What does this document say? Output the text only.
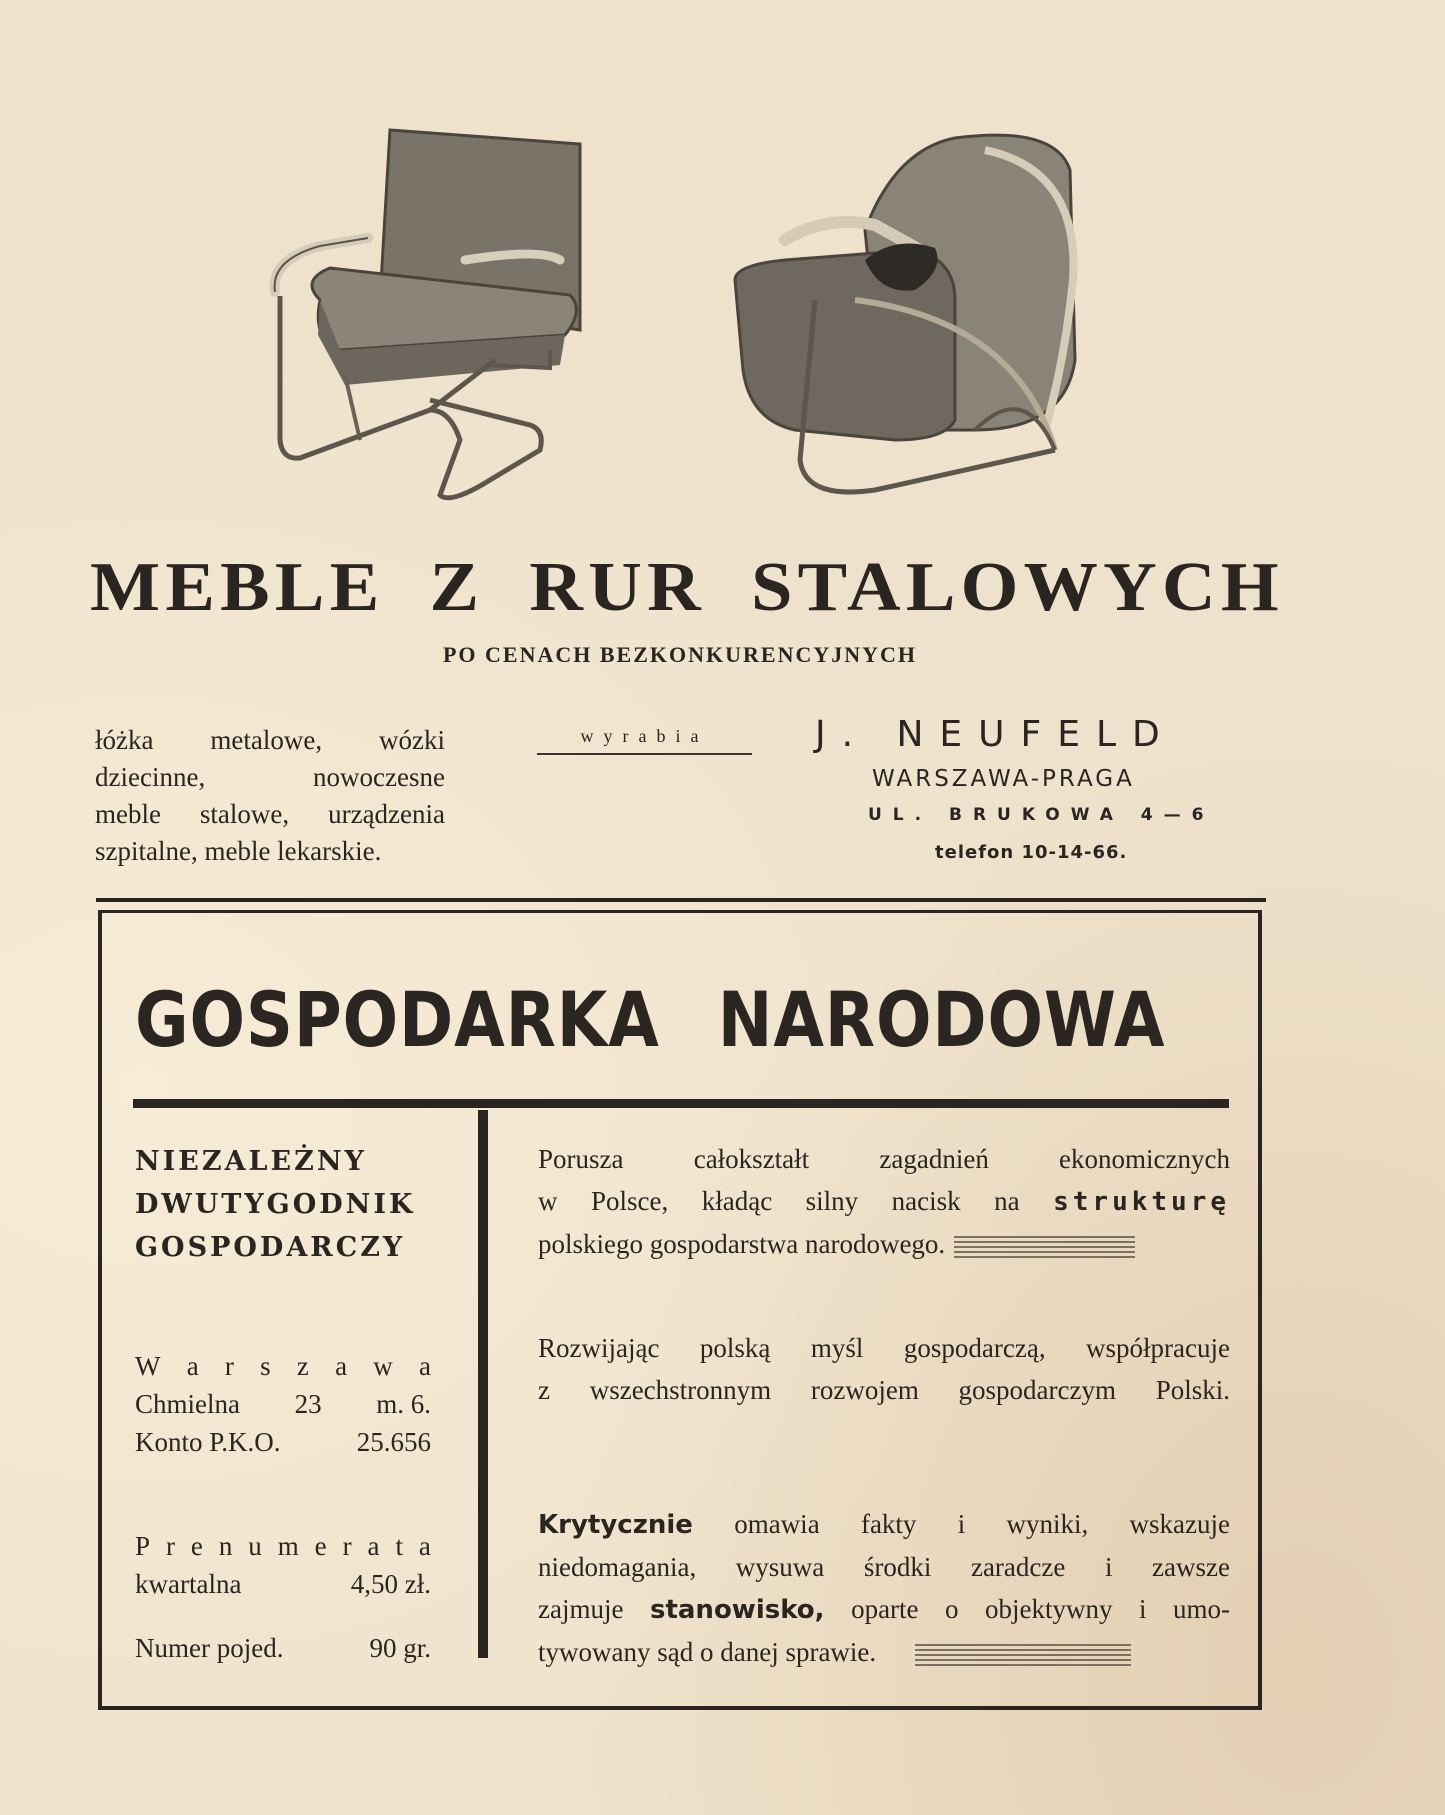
MEBLE Z RUR STALOWYCH
PO CENACH BEZKONKURENCYJNYCH
łóżka metalowe, wózki
dziecinne, nowoczesne
meble stalowe, urządzenia
szpitalne, meble lekarskie.
wyrabia	J. NEUFELD
WARSZAWA-PRAGA
UL. BRUKOWA 4—6
telefon 10-14-66.
GOSPODARKA NARODOWA
NIEZALEŻNY
DWUTYGODNIK
GOSPODARCZY
W a r s z a w a
Chmielna 23 m. 6.
Konto P.K.O.	25.656
P r e n u m e r a t a
kwartalna	4,50 zł.
Numer pojed.	90 gr.
Porusza całokształt zagadnień ekonomicznych
w Polsce, kładąc silny nacisk na strukturę
polskiego gospodarstwa narodowego.
Rozwijając polską myśl gospodarczą, współpracuje
z wszechstronnym rozwojem gospodarczym Polski.
Krytycznie omawia fakty i wyniki, wskazuje
niedomagania, wysuwa środki zaradcze i zawsze
zajmuje stanowisko, oparte o objektywny i umo-
tywowany sąd o danej sprawie.
